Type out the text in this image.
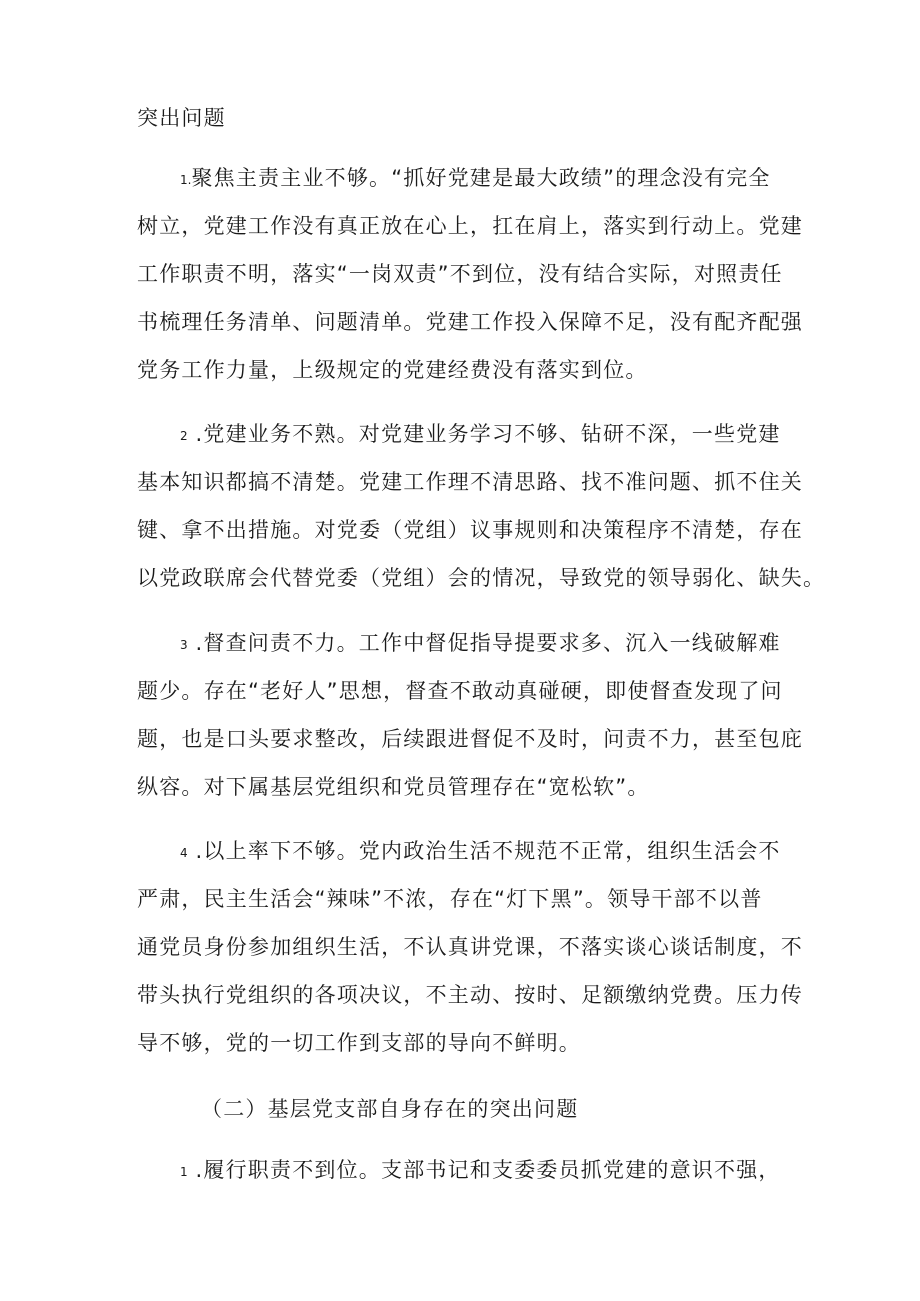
突出问题
1.聚焦主责主业不够。“抓好党建是最大政绩”的理念没有完全
树立，党建工作没有真正放在心上，扛在肩上，落实到行动上。党建
工作职责不明，落实“一岗双责”不到位，没有结合实际，对照责任
书梳理任务清单、问题清单。党建工作投入保障不足，没有配齐配强
党务工作力量，上级规定的党建经费没有落实到位。
2 .党建业务不熟。对党建业务学习不够、钻研不深，一些党建
基本知识都搞不清楚。党建工作理不清思路、找不准问题、抓不住关
键、拿不出措施。对党委（党组）议事规则和决策程序不清楚，存在
以党政联席会代替党委（党组）会的情况，导致党的领导弱化、缺失。
3 .督查问责不力。工作中督促指导提要求多、沉入一线破解难
题少。存在“老好人”思想，督查不敢动真碰硬，即使督查发现了问
题，也是口头要求整改，后续跟进督促不及时，问责不力，甚至包庇
纵容。对下属基层党组织和党员管理存在“宽松软”。
4 .以上率下不够。党内政治生活不规范不正常，组织生活会不
严肃，民主生活会“辣味”不浓，存在“灯下黑”。领导干部不以普
通党员身份参加组织生活，不认真讲党课，不落实谈心谈话制度，不
带头执行党组织的各项决议，不主动、按时、足额缴纳党费。压力传
导不够，党的一切工作到支部的导向不鲜明。
（二）基层党支部自身存在的突出问题
1 .履行职责不到位。支部书记和支委委员抓党建的意识不强，
